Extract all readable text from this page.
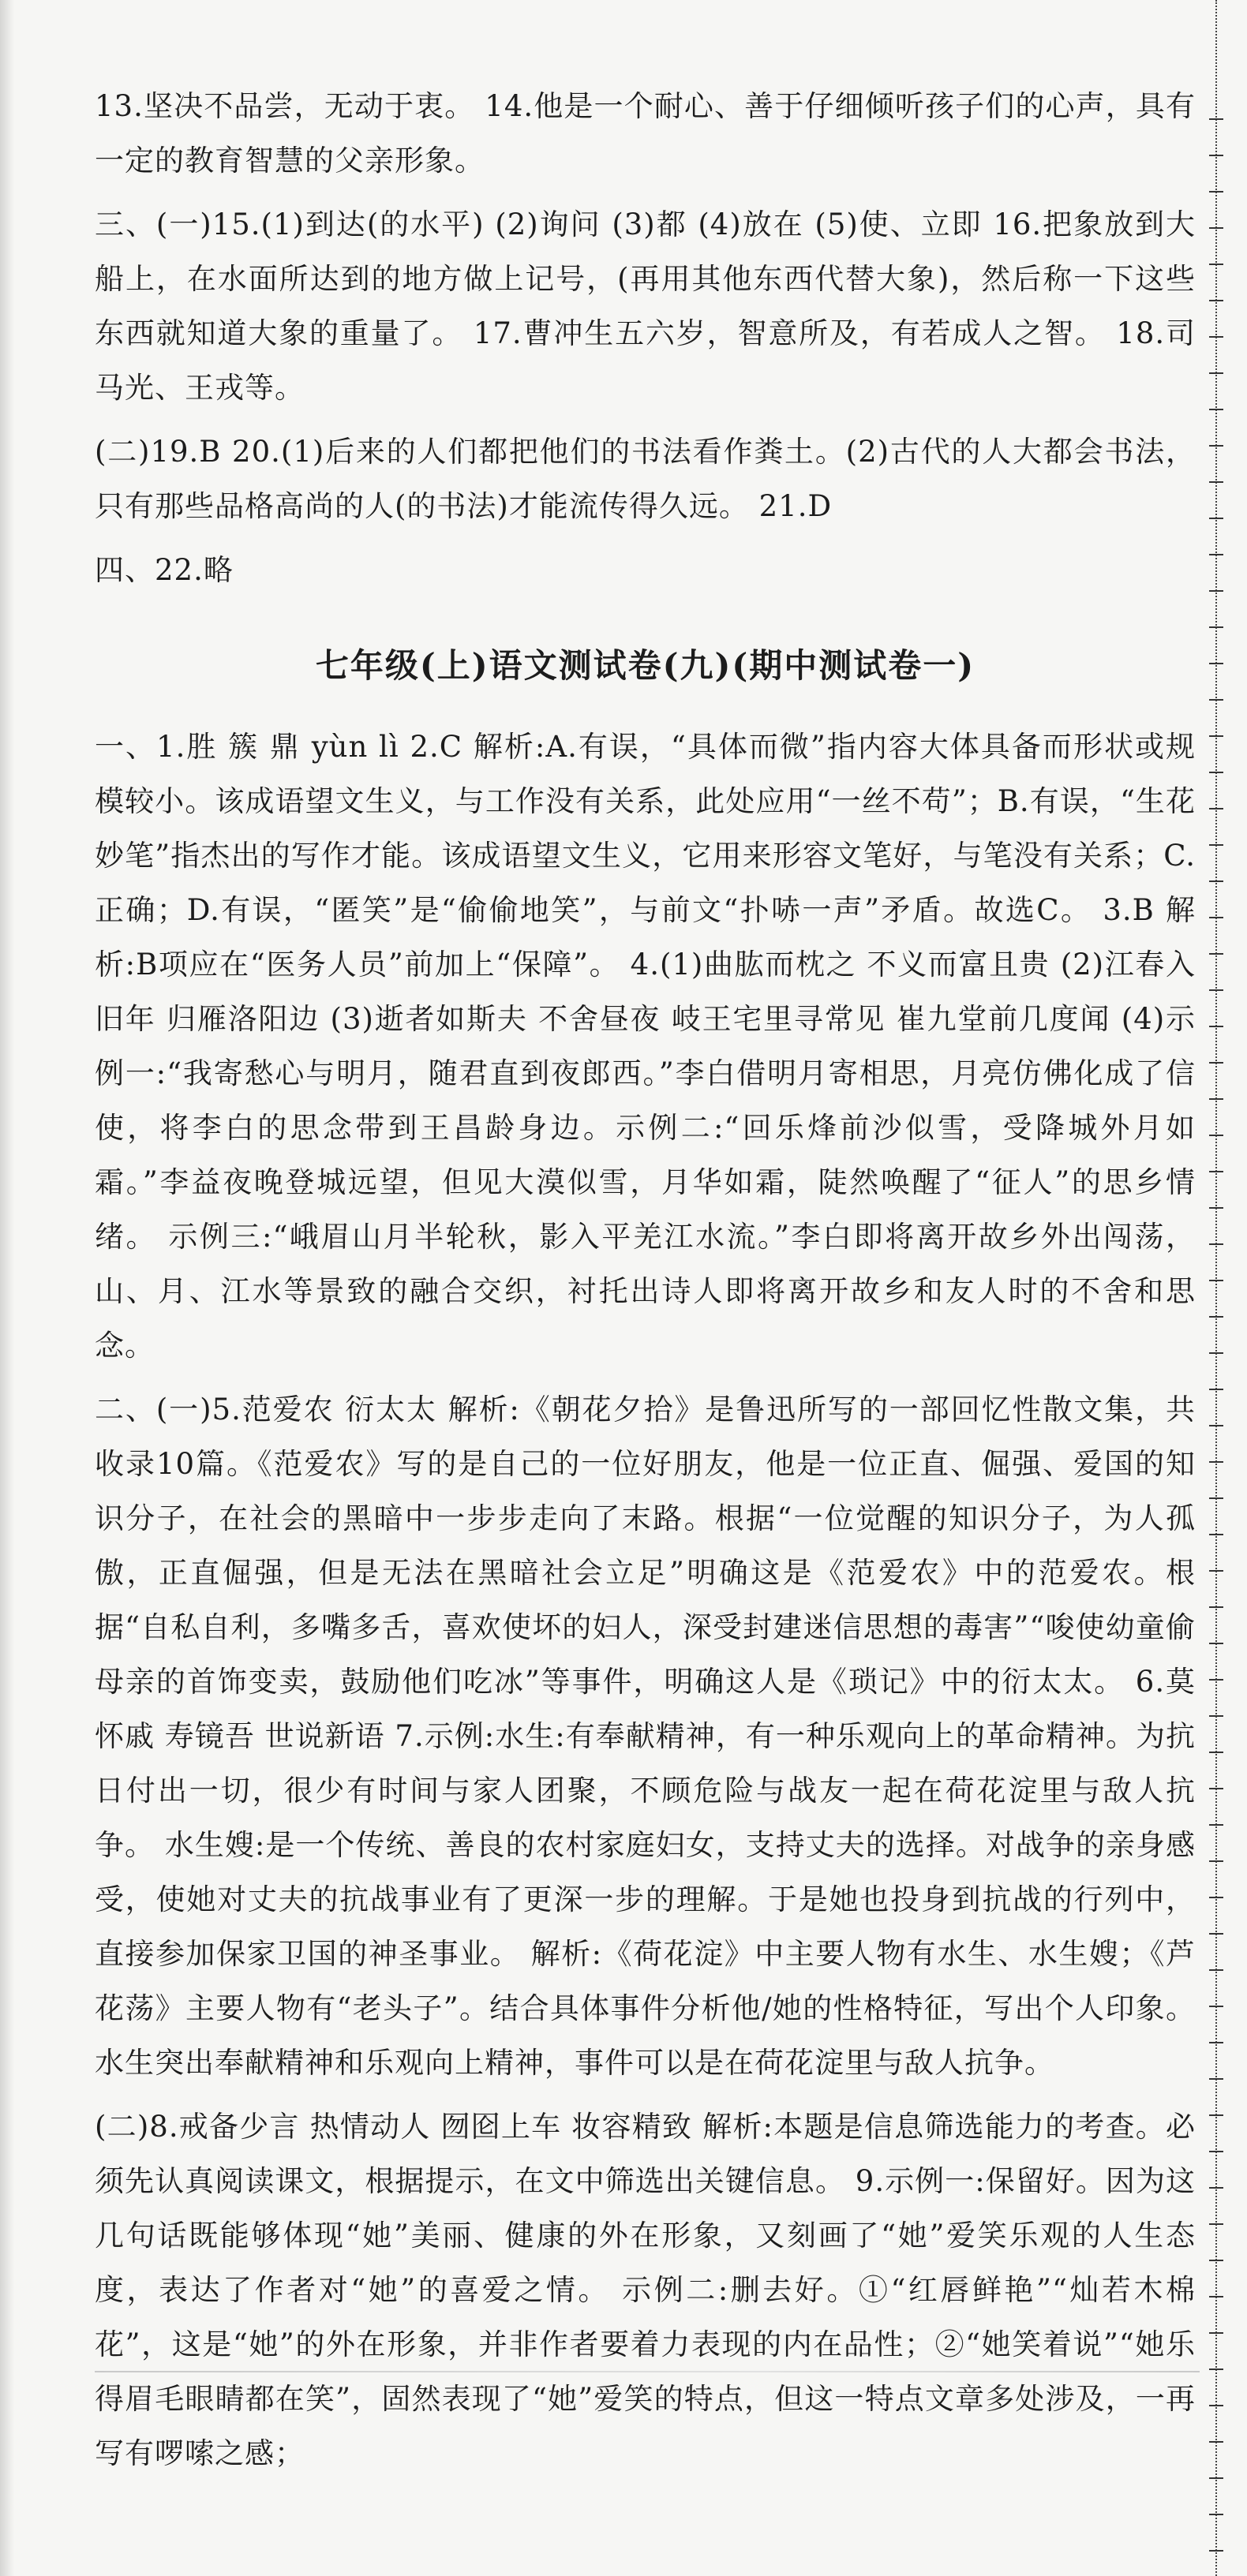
13.坚决不品尝，无动于衷。 14.他是一个耐心、善于仔细倾听孩子们的心声，具有一定的教育智慧的父亲形象。

三、(一)15.(1)到达(的水平) (2)询问 (3)都 (4)放在 (5)使、立即 16.把象放到大船上，在水面所达到的地方做上记号，(再用其他东西代替大象)，然后称一下这些东西就知道大象的重量了。 17.曹冲生五六岁，智意所及，有若成人之智。 18.司马光、王戎等。

(二)19.B 20.(1)后来的人们都把他们的书法看作粪土。(2)古代的人大都会书法，只有那些品格高尚的人(的书法)才能流传得久远。 21.D

四、22.略

七年级(上)语文测试卷(九)(期中测试卷一)

一、1.胜 簇 鼎 yùn lì 2.C 解析:A.有误，“具体而微”指内容大体具备而形状或规模较小。该成语望文生义，与工作没有关系，此处应用“一丝不苟”；B.有误，“生花妙笔”指杰出的写作才能。该成语望文生义，它用来形容文笔好，与笔没有关系；C.正确；D.有误，“匿笑”是“偷偷地笑”，与前文“扑哧一声”矛盾。故选C。 3.B 解析:B项应在“医务人员”前加上“保障”。 4.(1)曲肱而枕之 不义而富且贵 (2)江春入旧年 归雁洛阳边 (3)逝者如斯夫 不舍昼夜 岐王宅里寻常见 崔九堂前几度闻 (4)示例一:“我寄愁心与明月，随君直到夜郎西。”李白借明月寄相思，月亮仿佛化成了信使，将李白的思念带到王昌龄身边。示例二:“回乐烽前沙似雪，受降城外月如霜。”李益夜晚登城远望，但见大漠似雪，月华如霜，陡然唤醒了“征人”的思乡情绪。 示例三:“峨眉山月半轮秋，影入平羌江水流。”李白即将离开故乡外出闯荡，山、月、江水等景致的融合交织，衬托出诗人即将离开故乡和友人时的不舍和思念。

二、(一)5.范爱农 衍太太 解析:《朝花夕拾》是鲁迅所写的一部回忆性散文集，共收录10篇。《范爱农》写的是自己的一位好朋友，他是一位正直、倔强、爱国的知识分子，在社会的黑暗中一步步走向了末路。根据“一位觉醒的知识分子，为人孤傲，正直倔强，但是无法在黑暗社会立足”明确这是《范爱农》中的范爱农。根据“自私自利，多嘴多舌，喜欢使坏的妇人，深受封建迷信思想的毒害”“唆使幼童偷母亲的首饰变卖，鼓励他们吃冰”等事件，明确这人是《琐记》中的衍太太。 6.莫怀戚 寿镜吾 世说新语 7.示例:水生:有奉献精神，有一种乐观向上的革命精神。为抗日付出一切，很少有时间与家人团聚，不顾危险与战友一起在荷花淀里与敌人抗争。 水生嫂:是一个传统、善良的农村家庭妇女，支持丈夫的选择。对战争的亲身感受，使她对丈夫的抗战事业有了更深一步的理解。于是她也投身到抗战的行列中，直接参加保家卫国的神圣事业。 解析:《荷花淀》中主要人物有水生、水生嫂；《芦花荡》主要人物有“老头子”。结合具体事件分析他/她的性格特征，写出个人印象。水生突出奉献精神和乐观向上精神，事件可以是在荷花淀里与敌人抗争。

(二)8.戒备少言 热情动人 囫囵上车 妆容精致 解析:本题是信息筛选能力的考查。必须先认真阅读课文，根据提示，在文中筛选出关键信息。 9.示例一:保留好。因为这几句话既能够体现“她”美丽、健康的外在形象，又刻画了“她”爱笑乐观的人生态度，表达了作者对“她”的喜爱之情。 示例二:删去好。①“红唇鲜艳”“灿若木棉花”，这是“她”的外在形象，并非作者要着力表现的内在品性；②“她笑着说”“她乐得眉毛眼睛都在笑”，固然表现了“她”爱笑的特点，但这一特点文章多处涉及，一再写有啰嗦之感；
